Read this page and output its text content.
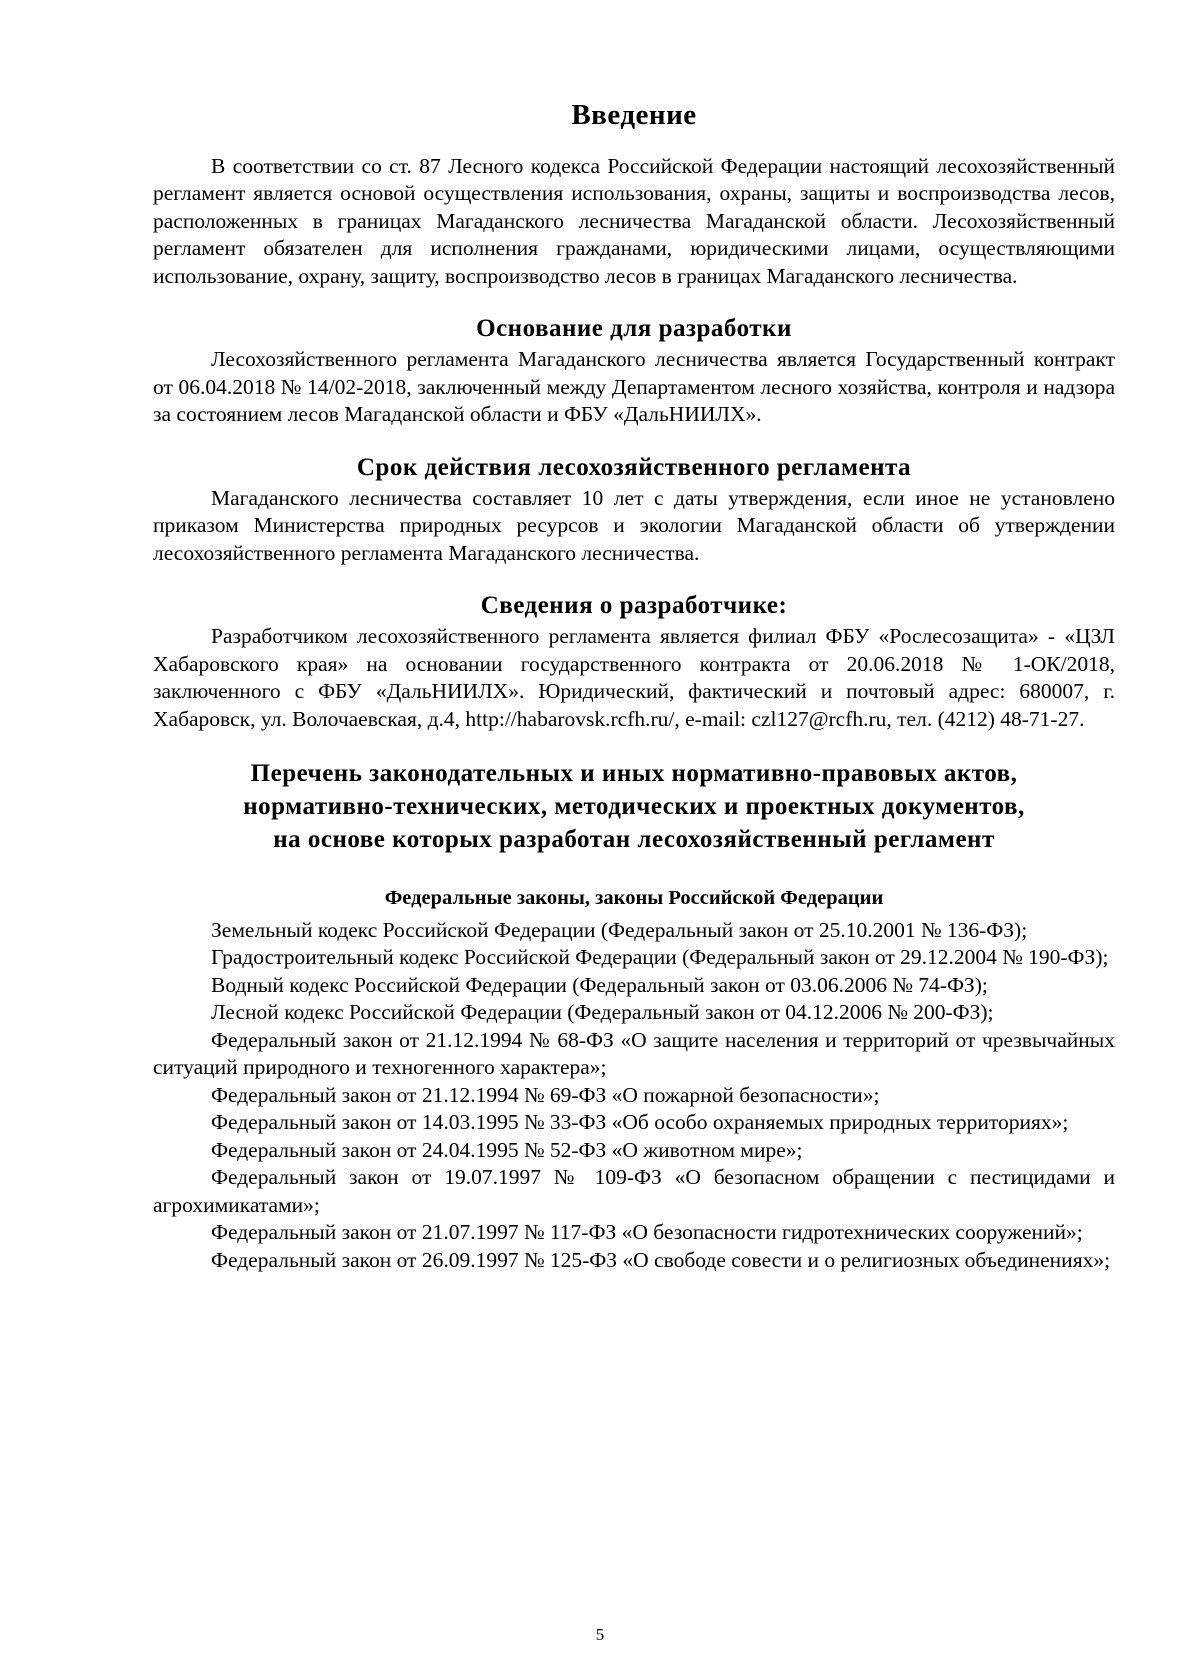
Введение

В соответствии со ст. 87 Лесного кодекса Российской Федерации настоящий лесохозяйственный регламент является основой осуществления использования, охраны, защиты и воспроизводства лесов, расположенных в границах Магаданского лесничества Магаданской области. Лесохозяйственный регламент обязателен для исполнения гражданами, юридическими лицами, осуществляющими использование, охрану, защиту, воспроизводство лесов в границах Магаданского лесничества.

Основание для разработки

Лесохозяйственного регламента Магаданского лесничества является Государственный контракт от 06.04.2018 № 14/02-2018, заключенный между Департаментом лесного хозяйства, контроля и надзора за состоянием лесов Магаданской области и ФБУ «ДальНИИЛХ».

Срок действия лесохозяйственного регламента

Магаданского лесничества составляет 10 лет с даты утверждения, если иное не установлено приказом Министерства природных ресурсов и экологии Магаданской области об утверждении лесохозяйственного регламента Магаданского лесничества.

Сведения о разработчике:

Разработчиком лесохозяйственного регламента является филиал ФБУ «Рослесозащита» - «ЦЗЛ Хабаровского края» на основании государственного контракта от 20.06.2018 № 1-ОК/2018, заключенного с ФБУ «ДальНИИЛХ». Юридический, фактический и почтовый адрес: 680007, г. Хабаровск, ул. Волочаевская, д.4, http://habarovsk.rcfh.ru/, e-mail: czl127@rcfh.ru, тел. (4212) 48-71-27.

Перечень законодательных и иных нормативно-правовых актов,
нормативно-технических, методических и проектных документов,
на основе которых разработан лесохозяйственный регламент
Федеральные законы, законы Российской Федерации

Земельный кодекс Российской Федерации (Федеральный закон от 25.10.2001 № 136-ФЗ);

Градостроительный кодекс Российской Федерации (Федеральный закон от 29.12.2004 № 190-ФЗ);

Водный кодекс Российской Федерации (Федеральный закон от 03.06.2006 № 74-ФЗ);

Лесной кодекс Российской Федерации (Федеральный закон от 04.12.2006 № 200-ФЗ);

Федеральный закон от 21.12.1994 № 68-ФЗ «О защите населения и территорий от чрезвычайных ситуаций природного и техногенного характера»;

Федеральный закон от 21.12.1994 № 69-ФЗ «О пожарной безопасности»;

Федеральный закон от 14.03.1995 № 33-ФЗ «Об особо охраняемых природных территориях»;

Федеральный закон от 24.04.1995 № 52-ФЗ «О животном мире»;

Федеральный закон от 19.07.1997 № 109-ФЗ «О безопасном обращении с пестицидами и агрохимикатами»;

Федеральный закон от 21.07.1997 № 117-ФЗ «О безопасности гидротехнических сооружений»;

Федеральный закон от 26.09.1997 № 125-ФЗ «О свободе совести и о религиозных объединениях»;

5
